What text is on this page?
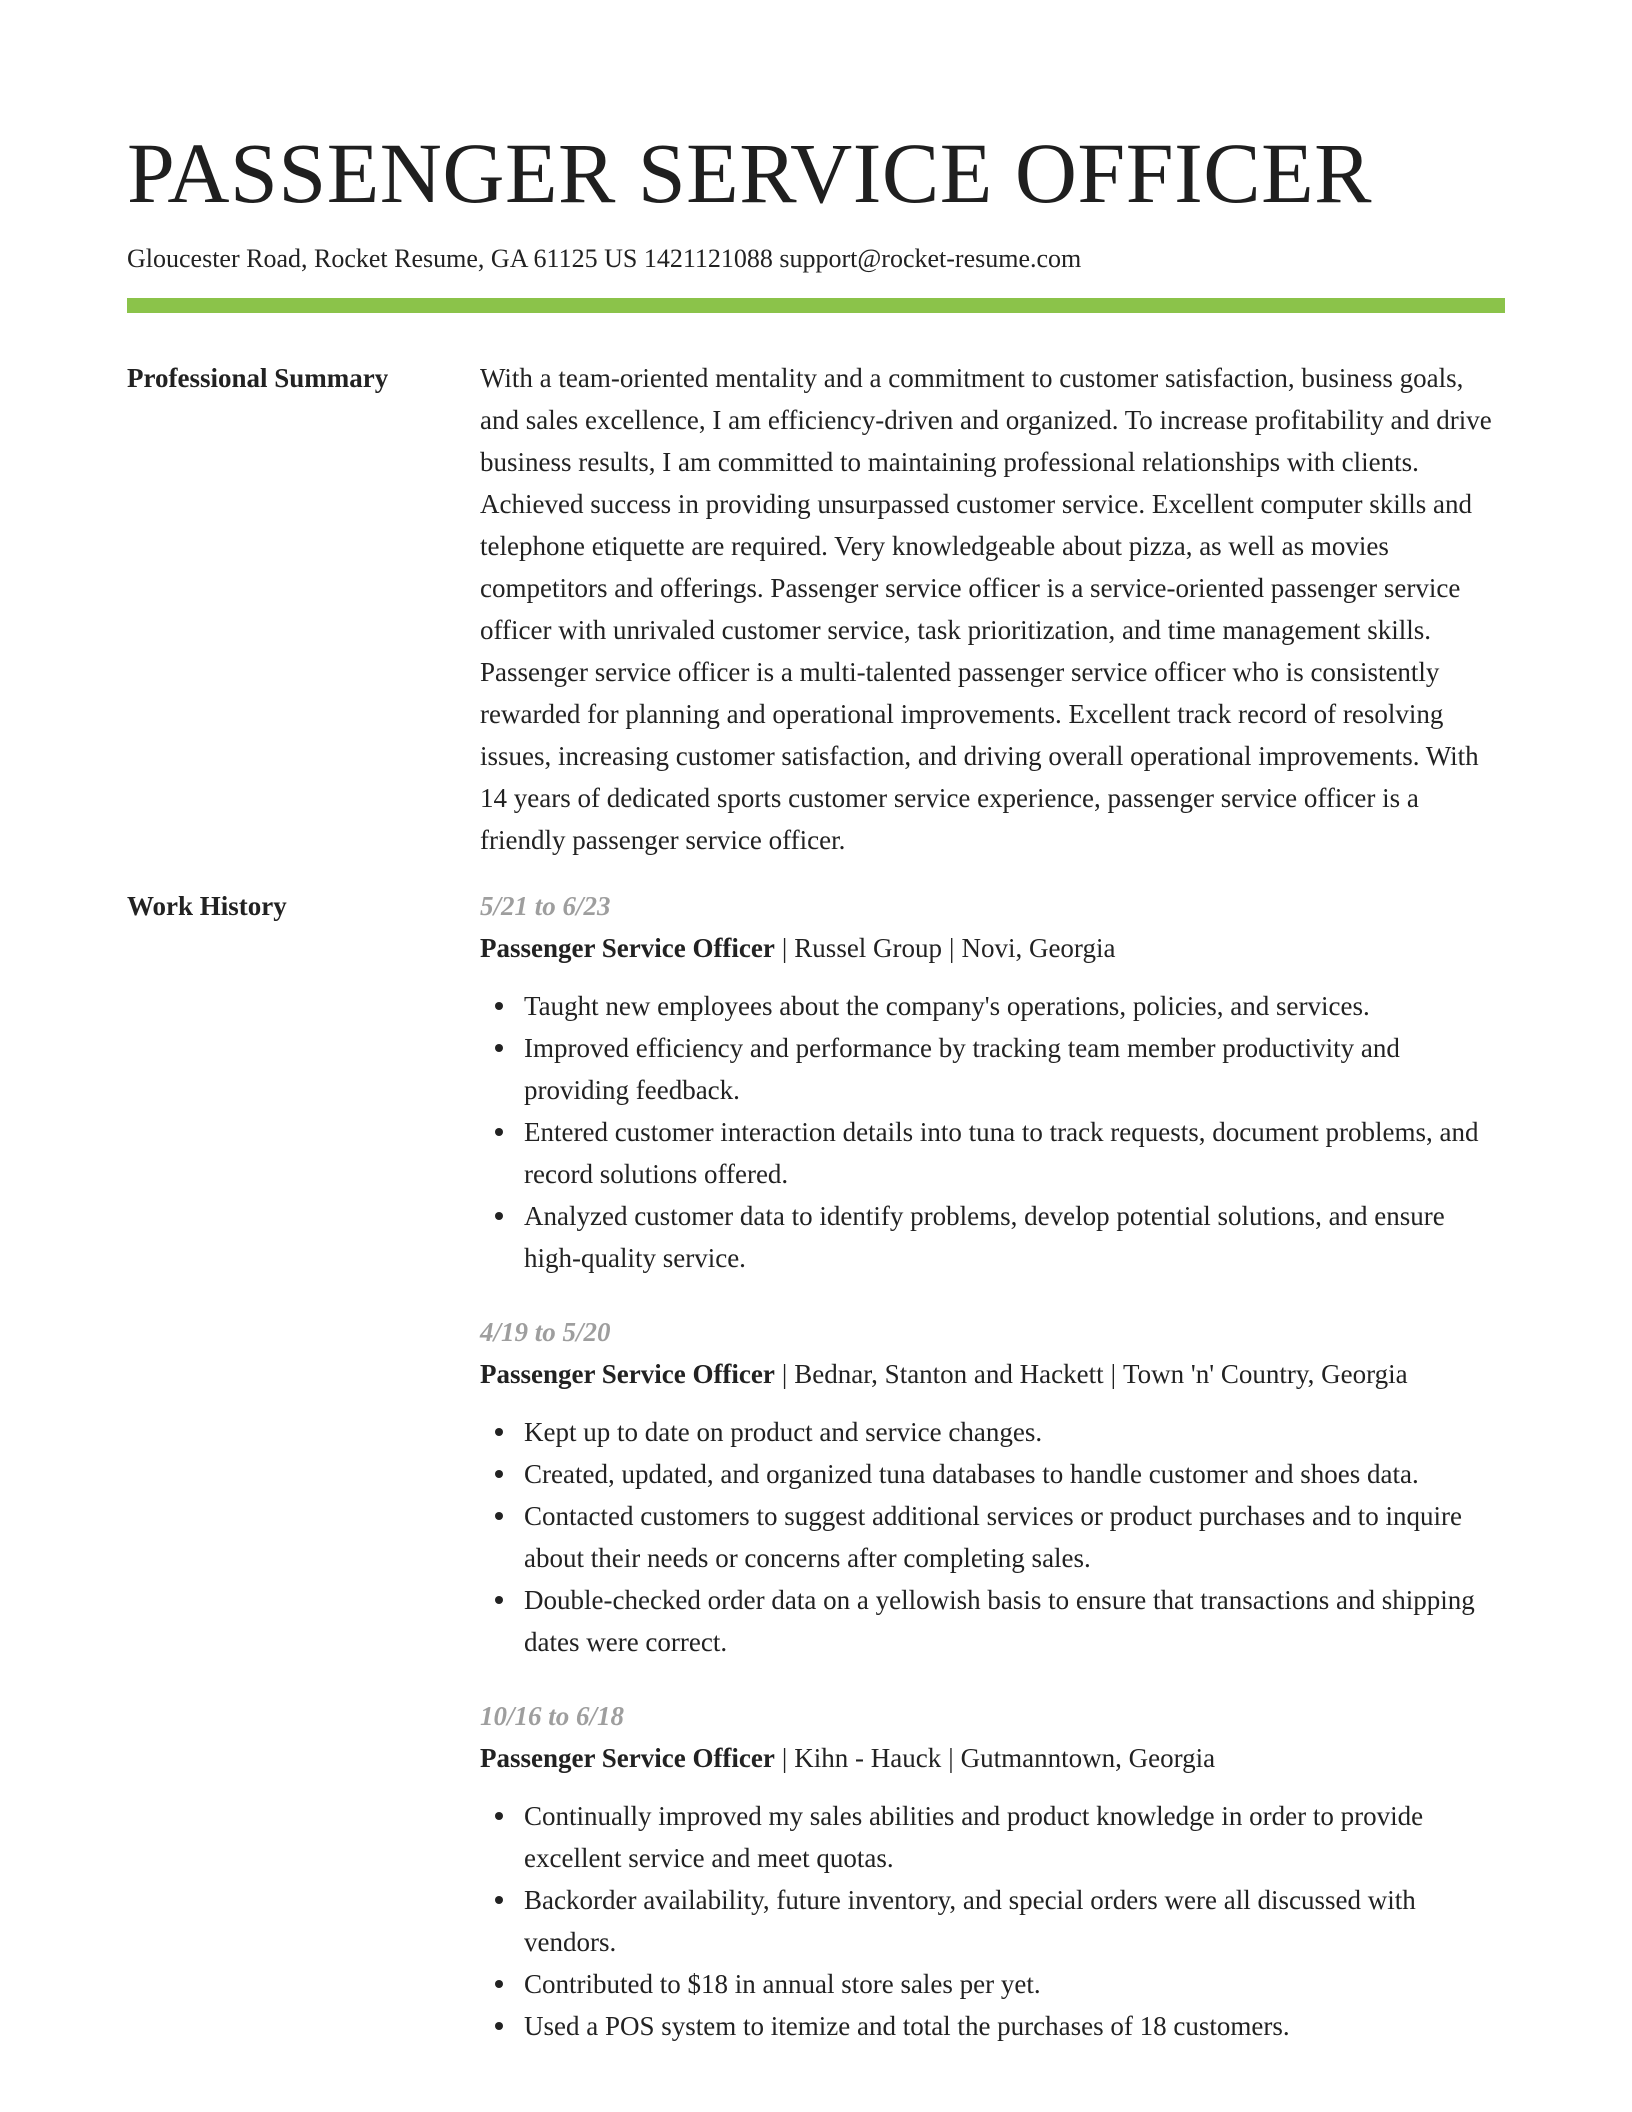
PASSENGER SERVICE OFFICER
Gloucester Road, Rocket Resume, GA 61125 US 1421121088 support@rocket-resume.com
Professional Summary	With a team-oriented mentality and a commitment to customer satisfaction, business goals, and sales excellence, I am efficiency-driven and organized. To increase profitability and drive business results, I am committed to maintaining professional relationships with clients. Achieved success in providing unsurpassed customer service. Excellent computer skills and telephone etiquette are required. Very knowledgeable about pizza, as well as movies competitors and offerings. Passenger service officer is a service-oriented passenger service officer with unrivaled customer service, task prioritization, and time management skills. Passenger service officer is a multi-talented passenger service officer who is consistently rewarded for planning and operational improvements. Excellent track record of resolving issues, increasing customer satisfaction, and driving overall operational improvements. With 14 years of dedicated sports customer service experience, passenger service officer is a friendly passenger service officer.

Work History	5/21 to 6/23
Passenger Service Officer | Russel Group | Novi, Georgia
Taught new employees about the company's operations, policies, and services.
Improved efficiency and performance by tracking team member productivity and providing feedback.
Entered customer interaction details into tuna to track requests, document problems, and record solutions offered.
Analyzed customer data to identify problems, develop potential solutions, and ensure high-quality service.
4/19 to 5/20
Passenger Service Officer | Bednar, Stanton and Hackett | Town 'n' Country, Georgia
Kept up to date on product and service changes.
Created, updated, and organized tuna databases to handle customer and shoes data.
Contacted customers to suggest additional services or product purchases and to inquire about their needs or concerns after completing sales.
Double-checked order data on a yellowish basis to ensure that transactions and shipping dates were correct.
10/16 to 6/18
Passenger Service Officer | Kihn - Hauck | Gutmanntown, Georgia
Continually improved my sales abilities and product knowledge in order to provide excellent service and meet quotas.
Backorder availability, future inventory, and special orders were all discussed with vendors.
Contributed to $18 in annual store sales per yet.
Used a POS system to itemize and total the purchases of 18 customers.
